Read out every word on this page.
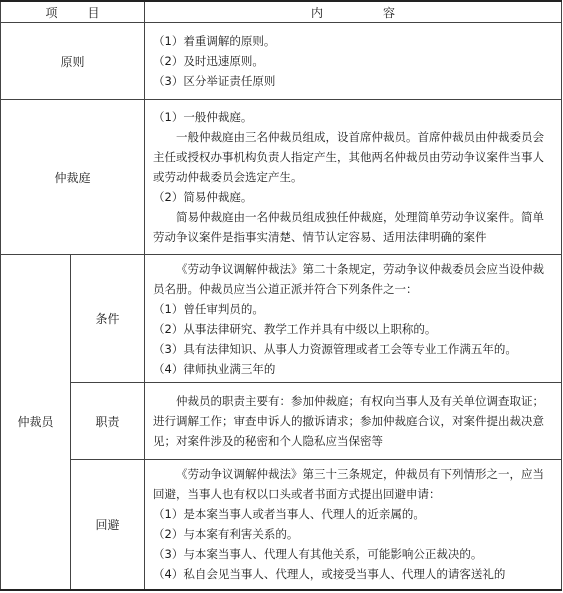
项目		内容
原则		（1）着重调解的原则。

（2）及时迅速原则。

（3）区分举证责任原则

仲裁庭		（1）一般仲裁庭。

一般仲裁庭由三名仲裁员组成，设首席仲裁员。首席仲裁员由仲裁委员会主任或授权办事机构负责人指定产生，其他两名仲裁员由劳动争议案件当事人或劳动仲裁委员会选定产生。

（2）简易仲裁庭。

简易仲裁庭由一名仲裁员组成独任仲裁庭，处理简单劳动争议案件。简单劳动争议案件是指事实清楚、情节认定容易、适用法律明确的案件

仲裁员	条件	《劳动争议调解仲裁法》第二十条规定，劳动争议仲裁委员会应当设仲裁员名册。仲裁员应当公道正派并符合下列条件之一：

（1）曾任审判员的。

（2）从事法律研究、教学工作并具有中级以上职称的。

（3）具有法律知识、从事人力资源管理或者工会等专业工作满五年的。

（4）律师执业满三年的

	职责	仲裁员的职责主要有：参加仲裁庭；有权向当事人及有关单位调查取证；进行调解工作；审查申诉人的撤诉请求；参加仲裁庭合议，对案件提出裁决意见；对案件涉及的秘密和个人隐私应当保密等

	回避	《劳动争议调解仲裁法》第三十三条规定，仲裁员有下列情形之一，应当回避，当事人也有权以口头或者书面方式提出回避申请：

（1）是本案当事人或者当事人、代理人的近亲属的。

（2）与本案有利害关系的。

（3）与本案当事人、代理人有其他关系，可能影响公正裁决的。

（4）私自会见当事人、代理人，或接受当事人、代理人的请客送礼的
